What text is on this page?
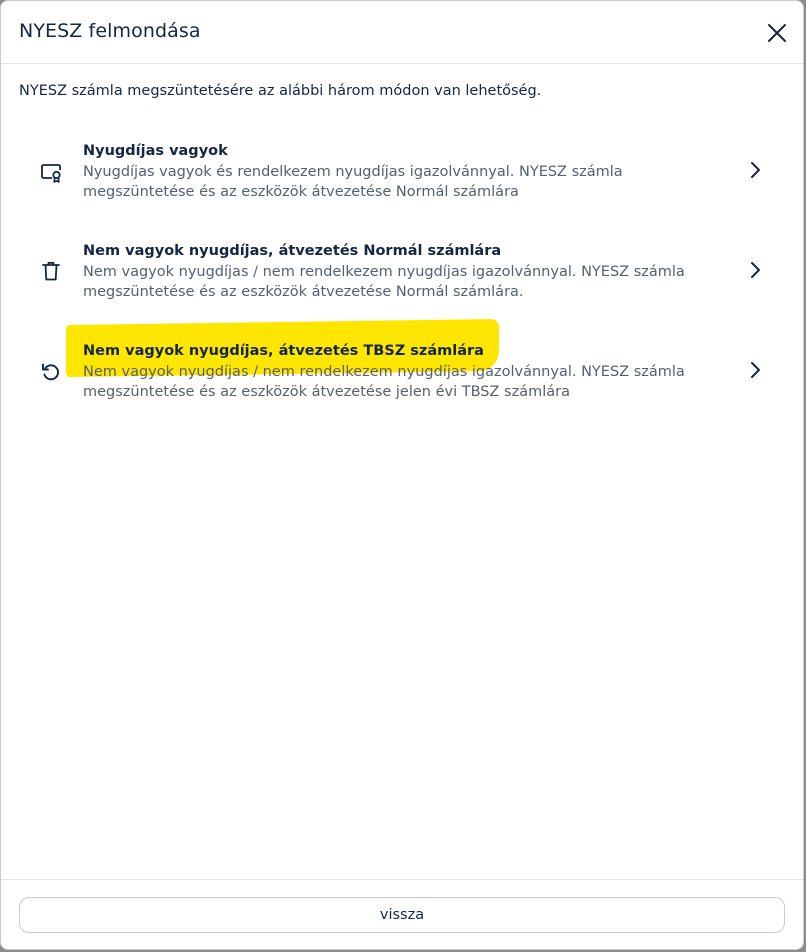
NYESZ felmondása
NYESZ számla megszüntetésére az alábbi három módon van lehetőség.
Nyugdíjas vagyok
Nyugdíjas vagyok és rendelkezem nyugdíjas igazolvánnyal. NYESZ számla megszüntetése és az eszközök átvezetése Normál számlára
Nem vagyok nyugdíjas, átvezetés Normál számlára
Nem vagyok nyugdíjas / nem rendelkezem nyugdíjas igazolvánnyal. NYESZ számla megszüntetése és az eszközök átvezetése Normál számlára.
Nem vagyok nyugdíjas, átvezetés TBSZ számlára
Nem vagyok nyugdíjas / nem rendelkezem nyugdíjas igazolvánnyal. NYESZ számla megszüntetése és az eszközök átvezetése jelen évi TBSZ számlára
vissza
